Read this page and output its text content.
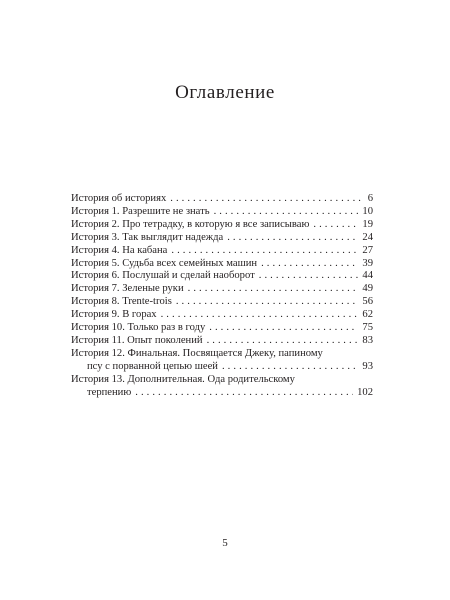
Оглавление
История об историях . . .	6
История 1. Разрешите не знать . . .	10
История 2. Про тетрадку, в которую я все записываю . . .	19
История 3. Так выглядит надежда . . .	24
История 4. На кабана . . .	27
История 5. Судьба всех семейных машин . . .	39
История 6. Послушай и сделай наоборот . . .	44
История 7. Зеленые руки . . .	49
История 8. Trente-trois . . .	56
История 9. В горах . . .	62
История 10. Только раз в году . . .	75
История 11. Опыт поколений . . .	83
История 12. Финальная. Посвящается Джеку, папиному
псу с порванной цепью шеей . . .	93
История 13. Дополнительная. Ода родительскому
терпению . . .	102
5
